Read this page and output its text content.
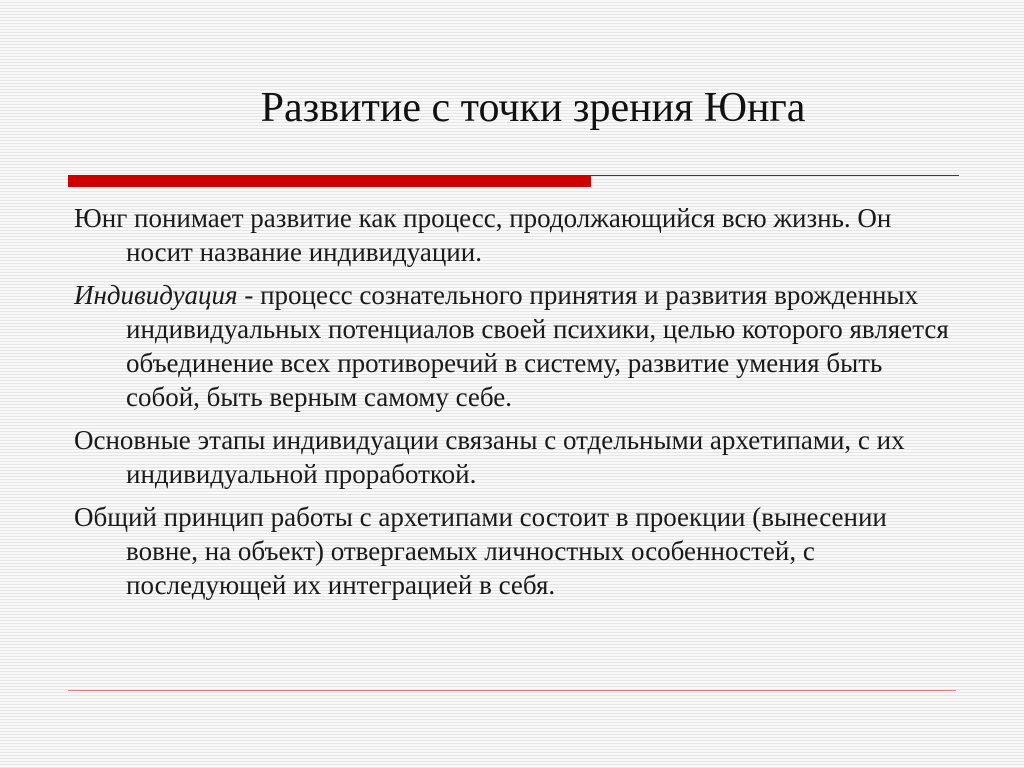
Развитие с точки зрения Юнга

Юнг понимает развитие как процесс, продолжающийся всю жизнь. Он носит название индивидуации.

Индивидуация - процесс сознательного принятия и развития врожденных индивидуальных потенциалов своей психики, целью которого является объединение всех противоречий в систему, развитие умения быть собой, быть верным самому себе.

Основные этапы индивидуации связаны с отдельными архетипами, с их индивидуальной проработкой.

Общий принцип работы с архетипами состоит в проекции (вынесении вовне, на объект) отвергаемых личностных особенностей, с последующей их интеграцией в себя.
